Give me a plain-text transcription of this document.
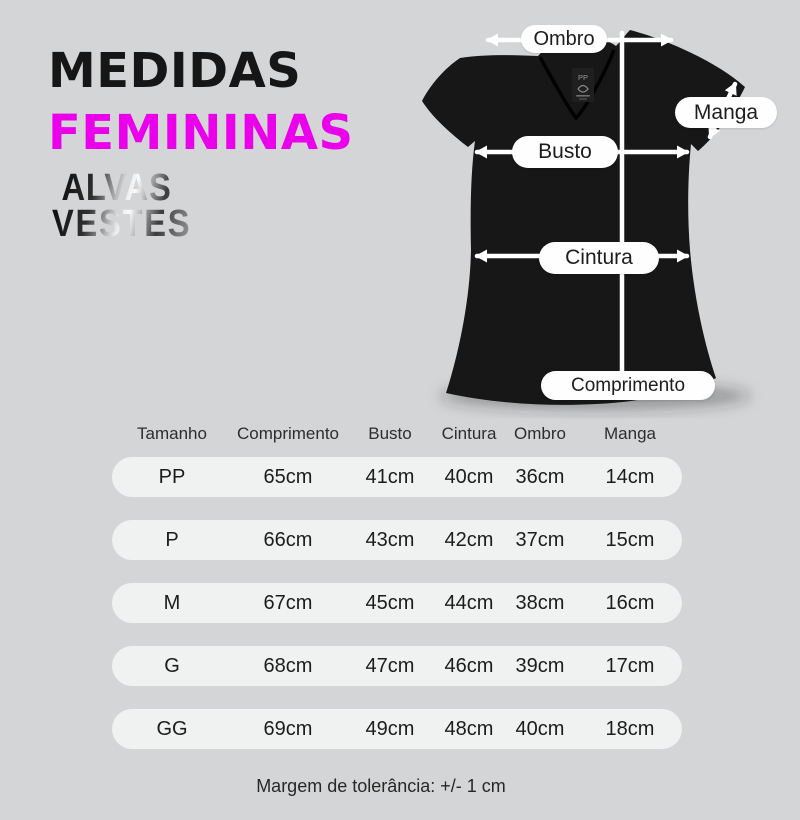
MEDIDAS
FEMININAS
ALVAS
VESTES
PP
Ombro
Manga
Busto
Cintura
Comprimento
Tamanho	Comprimento	Busto	Cintura	Ombro	Manga
PP	65cm	41cm	40cm	36cm	14cm
P	66cm	43cm	42cm	37cm	15cm
M	67cm	45cm	44cm	38cm	16cm
G	68cm	47cm	46cm	39cm	17cm
GG	69cm	49cm	48cm	40cm	18cm
Margem de tolerância: +/- 1 cm
